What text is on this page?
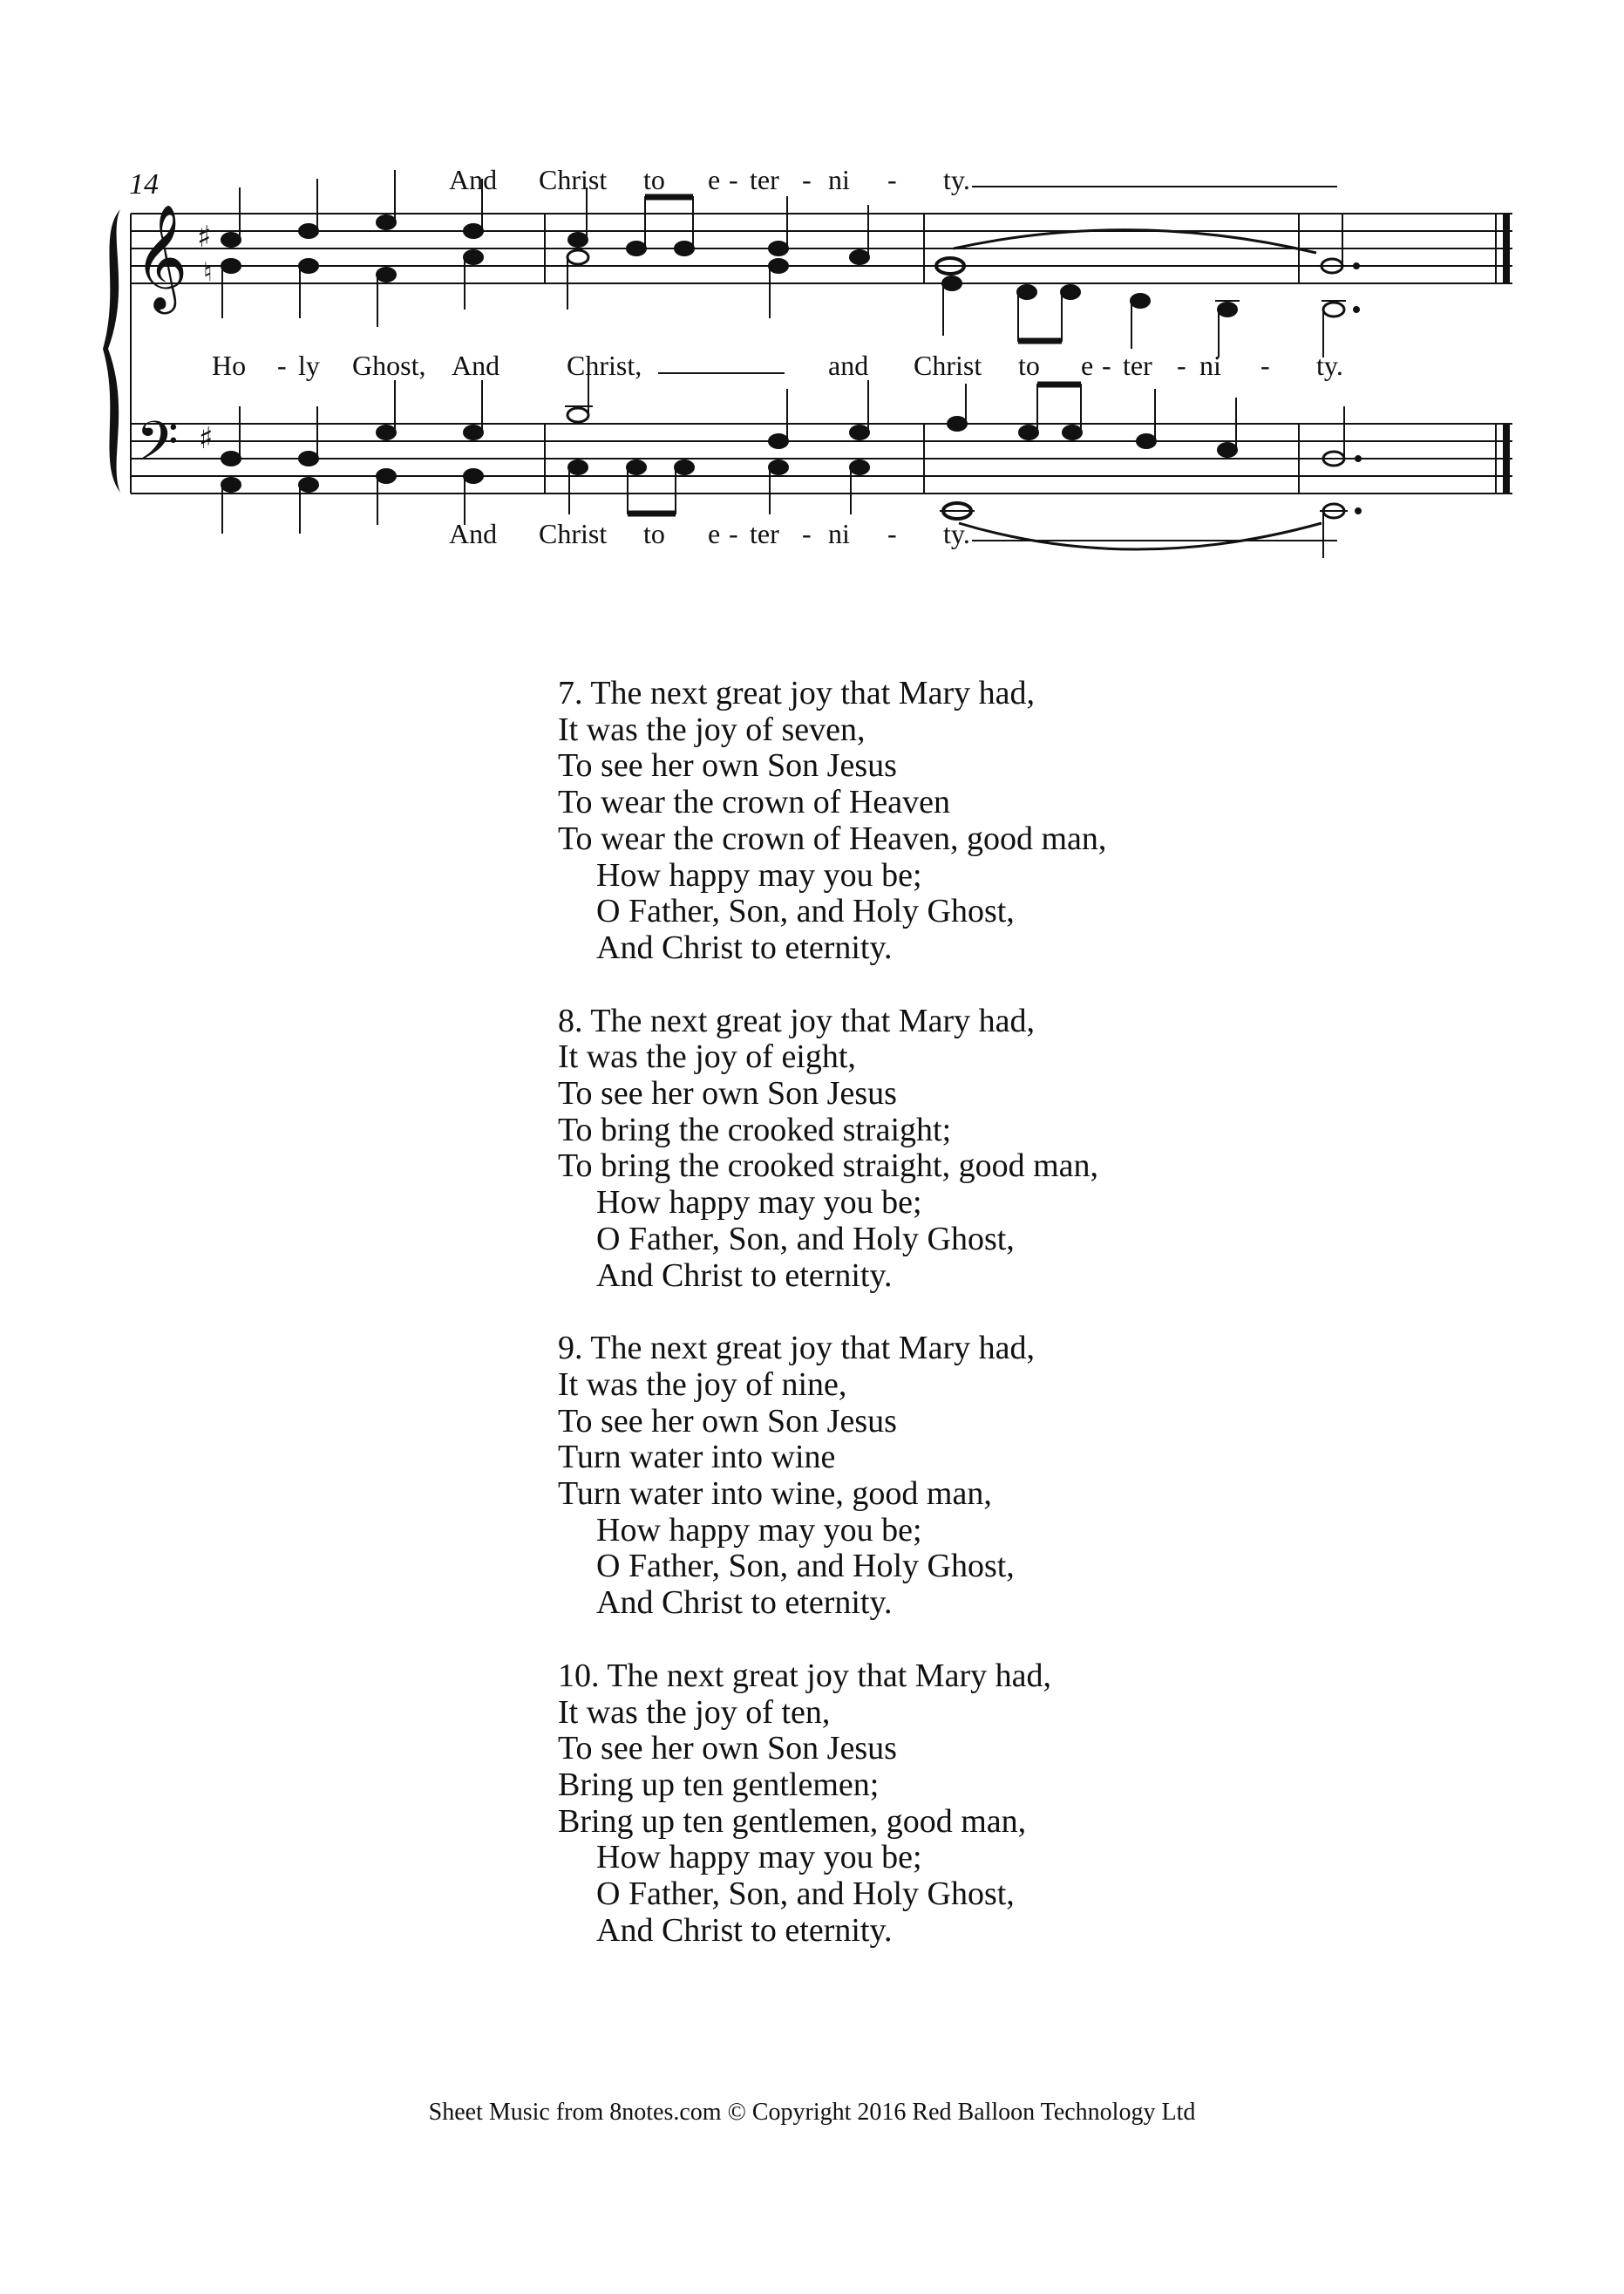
14
𝄞
𝄢
♯
♯
♮
And Christ to e - ter - ni - ty.
Ho - ly Ghost, And Christ,	and Christ to e - ter - ni - ty.
And Christ to e - ter - ni - ty.
7. The next great joy that Mary had,
It was the joy of seven,
To see her own Son Jesus
To wear the crown of Heaven
To wear the crown of Heaven, good man,
How happy may you be;
O Father, Son, and Holy Ghost,
And Christ to eternity.
8. The next great joy that Mary had,
It was the joy of eight,
To see her own Son Jesus
To bring the crooked straight;
To bring the crooked straight, good man,
How happy may you be;
O Father, Son, and Holy Ghost,
And Christ to eternity.
9. The next great joy that Mary had,
It was the joy of nine,
To see her own Son Jesus
Turn water into wine
Turn water into wine, good man,
How happy may you be;
O Father, Son, and Holy Ghost,
And Christ to eternity.
10. The next great joy that Mary had,
It was the joy of ten,
To see her own Son Jesus
Bring up ten gentlemen;
Bring up ten gentlemen, good man,
How happy may you be;
O Father, Son, and Holy Ghost,
And Christ to eternity.
Sheet Music from 8notes.com © Copyright 2016 Red Balloon Technology Ltd
